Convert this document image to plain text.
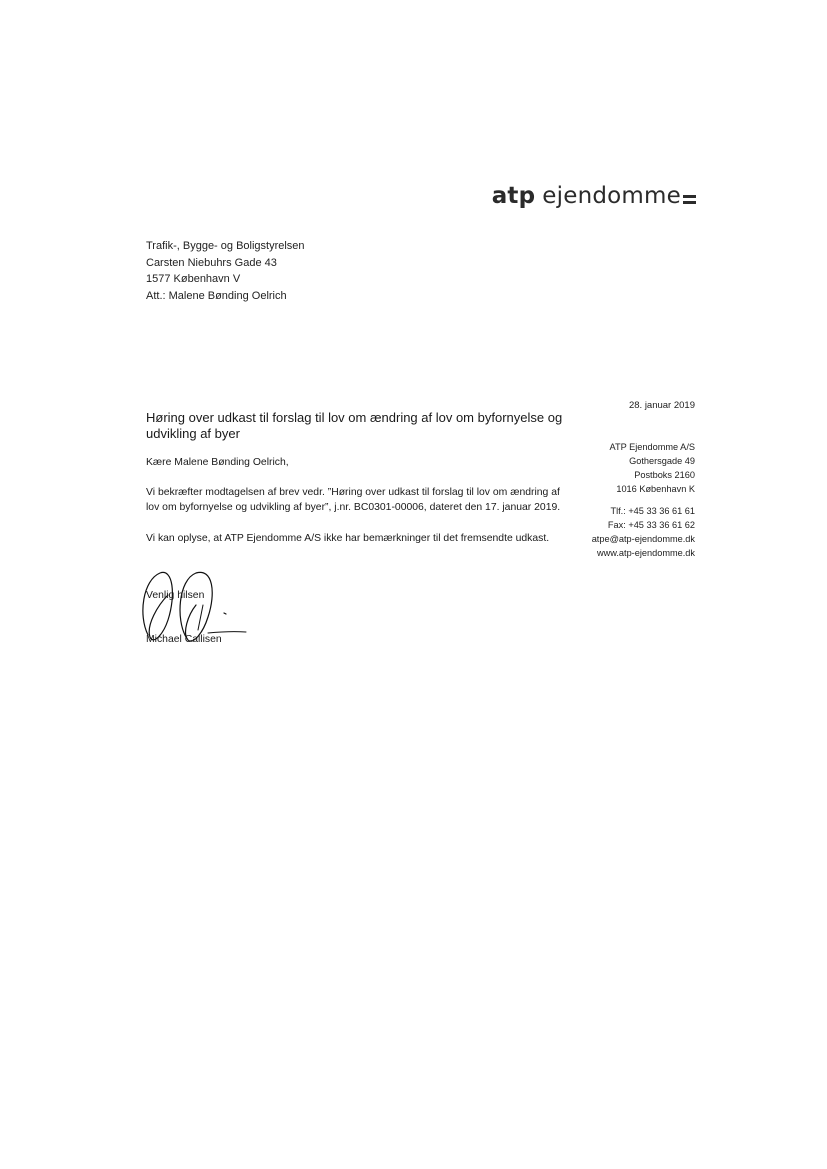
atp ejendomme
Trafik-, Bygge- og Boligstyrelsen
Carsten Niebuhrs Gade 43
1577 København V
Att.: Malene Bønding Oelrich
28. januar 2019
Høring over udkast til forslag til lov om ændring af lov om byfornyelse og udvikling af byer
ATP Ejendomme A/S
Gothersgade 49
Postboks 2160
1016 København K
Tlf.: +45 33 36 61 61
Fax: +45 33 36 61 62
atpe@atp-ejendomme.dk
www.atp-ejendomme.dk
Kære Malene Bønding Oelrich,
Vi bekræfter modtagelsen af brev vedr. ”Høring over udkast til forslag til lov om ændring af
lov om byfornyelse og udvikling af byer”, j.nr. BC0301-00006, dateret den 17. januar 2019.
Vi kan oplyse, at ATP Ejendomme A/S ikke har bemærkninger til det fremsendte udkast.
Venlig hilsen
Michael Callisen
